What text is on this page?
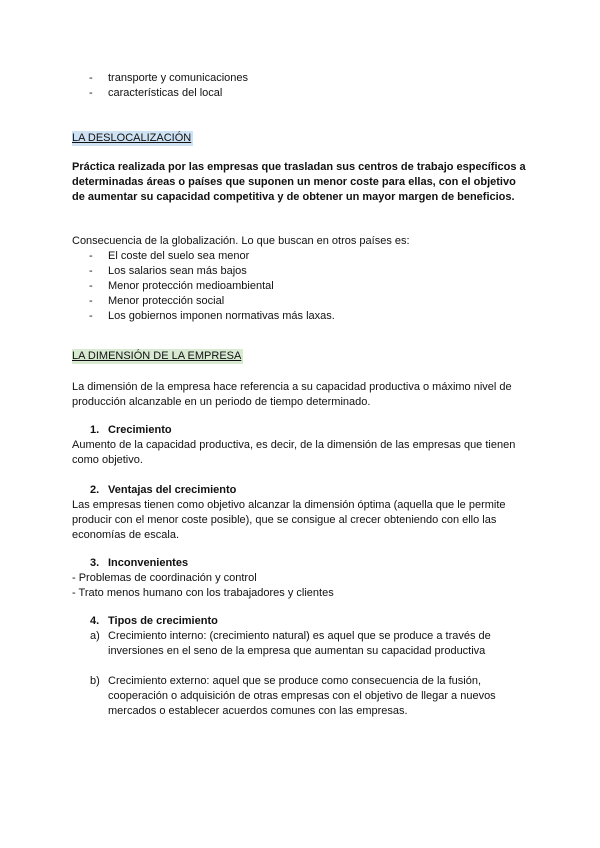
- transporte y comunicaciones
- características del local
LA DESLOCALIZACIÓN

Práctica realizada por las empresas que trasladan sus centros de trabajo específicos a determinadas áreas o países que suponen un menor coste para ellas, con el objetivo de aumentar su capacidad competitiva y de obtener un mayor margen de beneficios.

Consecuencia de la globalización. Lo que buscan en otros países es:

- El coste del suelo sea menor
- Los salarios sean más bajos
- Menor protección medioambiental
- Menor protección social
- Los gobiernos imponen normativas más laxas.
LA DIMENSIÓN DE LA EMPRESA

La dimensión de la empresa hace referencia a su capacidad productiva o máximo nivel de producción alcanzable en un periodo de tiempo determinado.

1. Crecimiento

Aumento de la capacidad productiva, es decir, de la dimensión de las empresas que tienen como objetivo.

2. Ventajas del crecimiento

Las empresas tienen como objetivo alcanzar la dimensión óptima (aquella que le permite producir con el menor coste posible), que se consigue al crecer obteniendo con ello las economías de escala.

3. Inconvenientes

- Problemas de coordinación y control

- Trato menos humano con los trabajadores y clientes

4. Tipos de crecimiento
a) Crecimiento interno: (crecimiento natural) es aquel que se produce a través de inversiones en el seno de la empresa que aumentan su capacidad productiva

b) Crecimiento externo: aquel que se produce como consecuencia de la fusión, cooperación o adquisición de otras empresas con el objetivo de llegar a nuevos mercados o establecer acuerdos comunes con las empresas.
